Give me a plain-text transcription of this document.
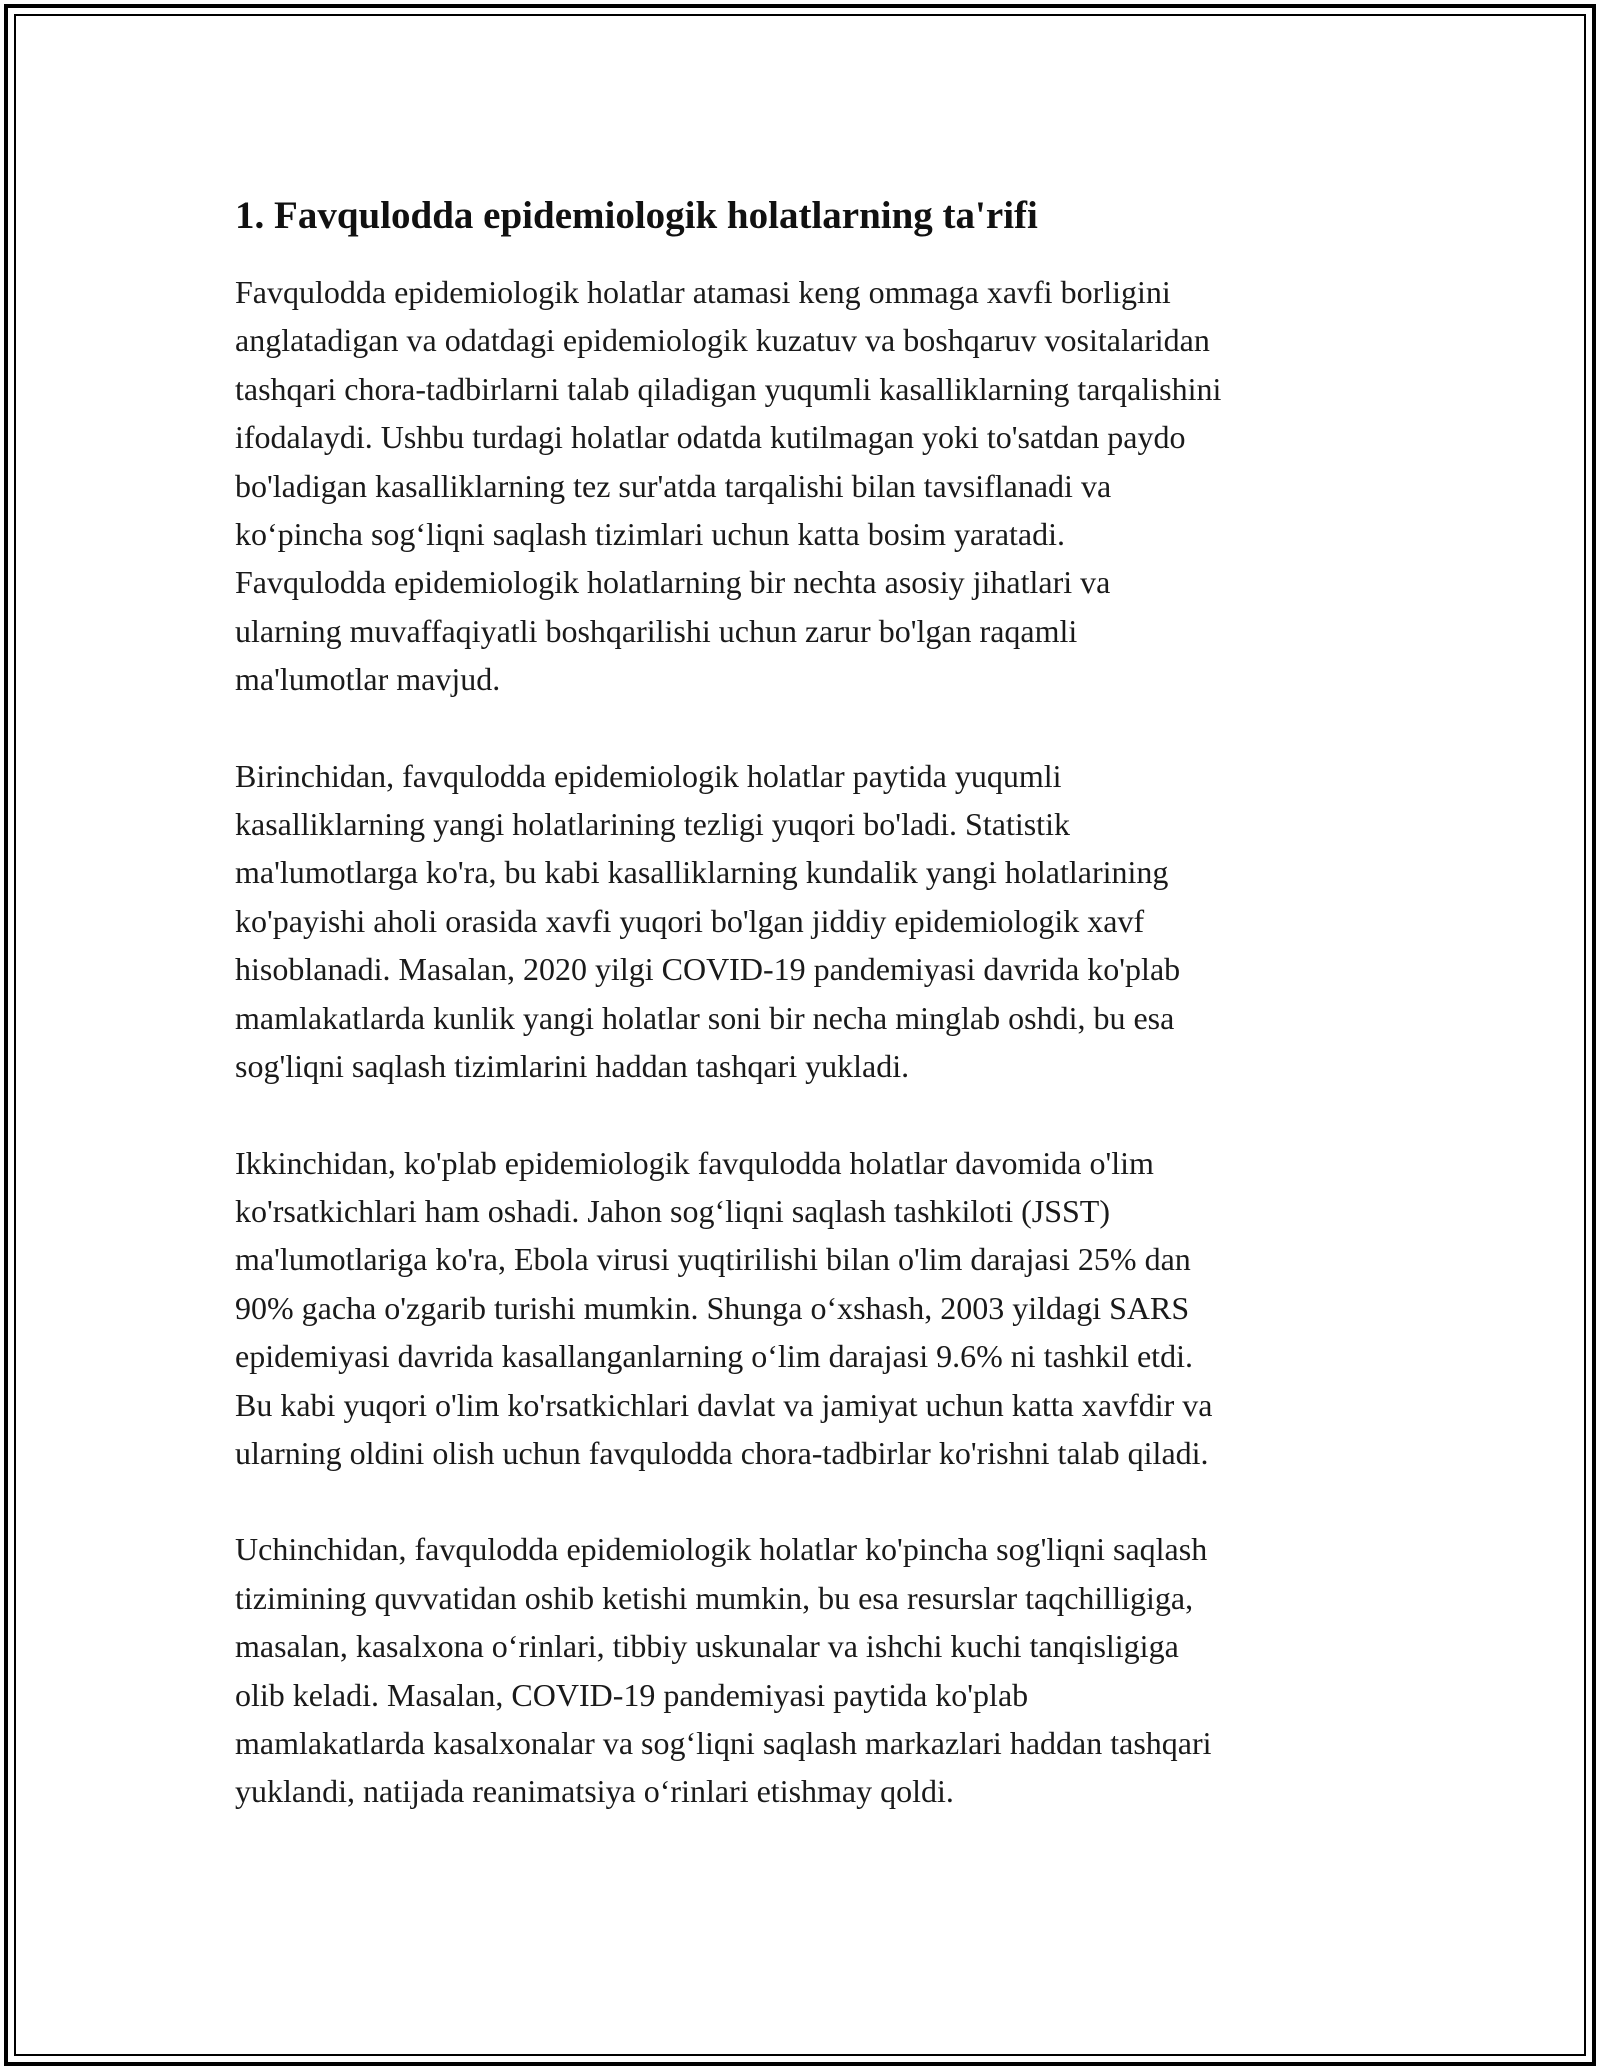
1. Favqulodda epidemiologik holatlarning ta'rifi

Favqulodda epidemiologik holatlar atamasi keng ommaga xavfi borligini
anglatadigan va odatdagi epidemiologik kuzatuv va boshqaruv vositalaridan
tashqari chora-tadbirlarni talab qiladigan yuqumli kasalliklarning tarqalishini
ifodalaydi. Ushbu turdagi holatlar odatda kutilmagan yoki to'satdan paydo
bo'ladigan kasalliklarning tez sur'atda tarqalishi bilan tavsiflanadi va
ko‘pincha sog‘liqni saqlash tizimlari uchun katta bosim yaratadi.
Favqulodda epidemiologik holatlarning bir nechta asosiy jihatlari va
ularning muvaffaqiyatli boshqarilishi uchun zarur bo'lgan raqamli
ma'lumotlar mavjud.

Birinchidan, favqulodda epidemiologik holatlar paytida yuqumli
kasalliklarning yangi holatlarining tezligi yuqori bo'ladi. Statistik
ma'lumotlarga ko'ra, bu kabi kasalliklarning kundalik yangi holatlarining
ko'payishi aholi orasida xavfi yuqori bo'lgan jiddiy epidemiologik xavf
hisoblanadi. Masalan, 2020 yilgi COVID-19 pandemiyasi davrida ko'plab
mamlakatlarda kunlik yangi holatlar soni bir necha minglab oshdi, bu esa
sog'liqni saqlash tizimlarini haddan tashqari yukladi.

Ikkinchidan, ko'plab epidemiologik favqulodda holatlar davomida o'lim
ko'rsatkichlari ham oshadi. Jahon sog‘liqni saqlash tashkiloti (JSST)
ma'lumotlariga ko'ra, Ebola virusi yuqtirilishi bilan o'lim darajasi 25% dan
90% gacha o'zgarib turishi mumkin. Shunga o‘xshash, 2003 yildagi SARS
epidemiyasi davrida kasallanganlarning o‘lim darajasi 9.6% ni tashkil etdi.
Bu kabi yuqori o'lim ko'rsatkichlari davlat va jamiyat uchun katta xavfdir va
ularning oldini olish uchun favqulodda chora-tadbirlar ko'rishni talab qiladi.

Uchinchidan, favqulodda epidemiologik holatlar ko'pincha sog'liqni saqlash
tizimining quvvatidan oshib ketishi mumkin, bu esa resurslar taqchilligiga,
masalan, kasalxona o‘rinlari, tibbiy uskunalar va ishchi kuchi tanqisligiga
olib keladi. Masalan, COVID-19 pandemiyasi paytida ko'plab
mamlakatlarda kasalxonalar va sog‘liqni saqlash markazlari haddan tashqari
yuklandi, natijada reanimatsiya o‘rinlari etishmay qoldi.
